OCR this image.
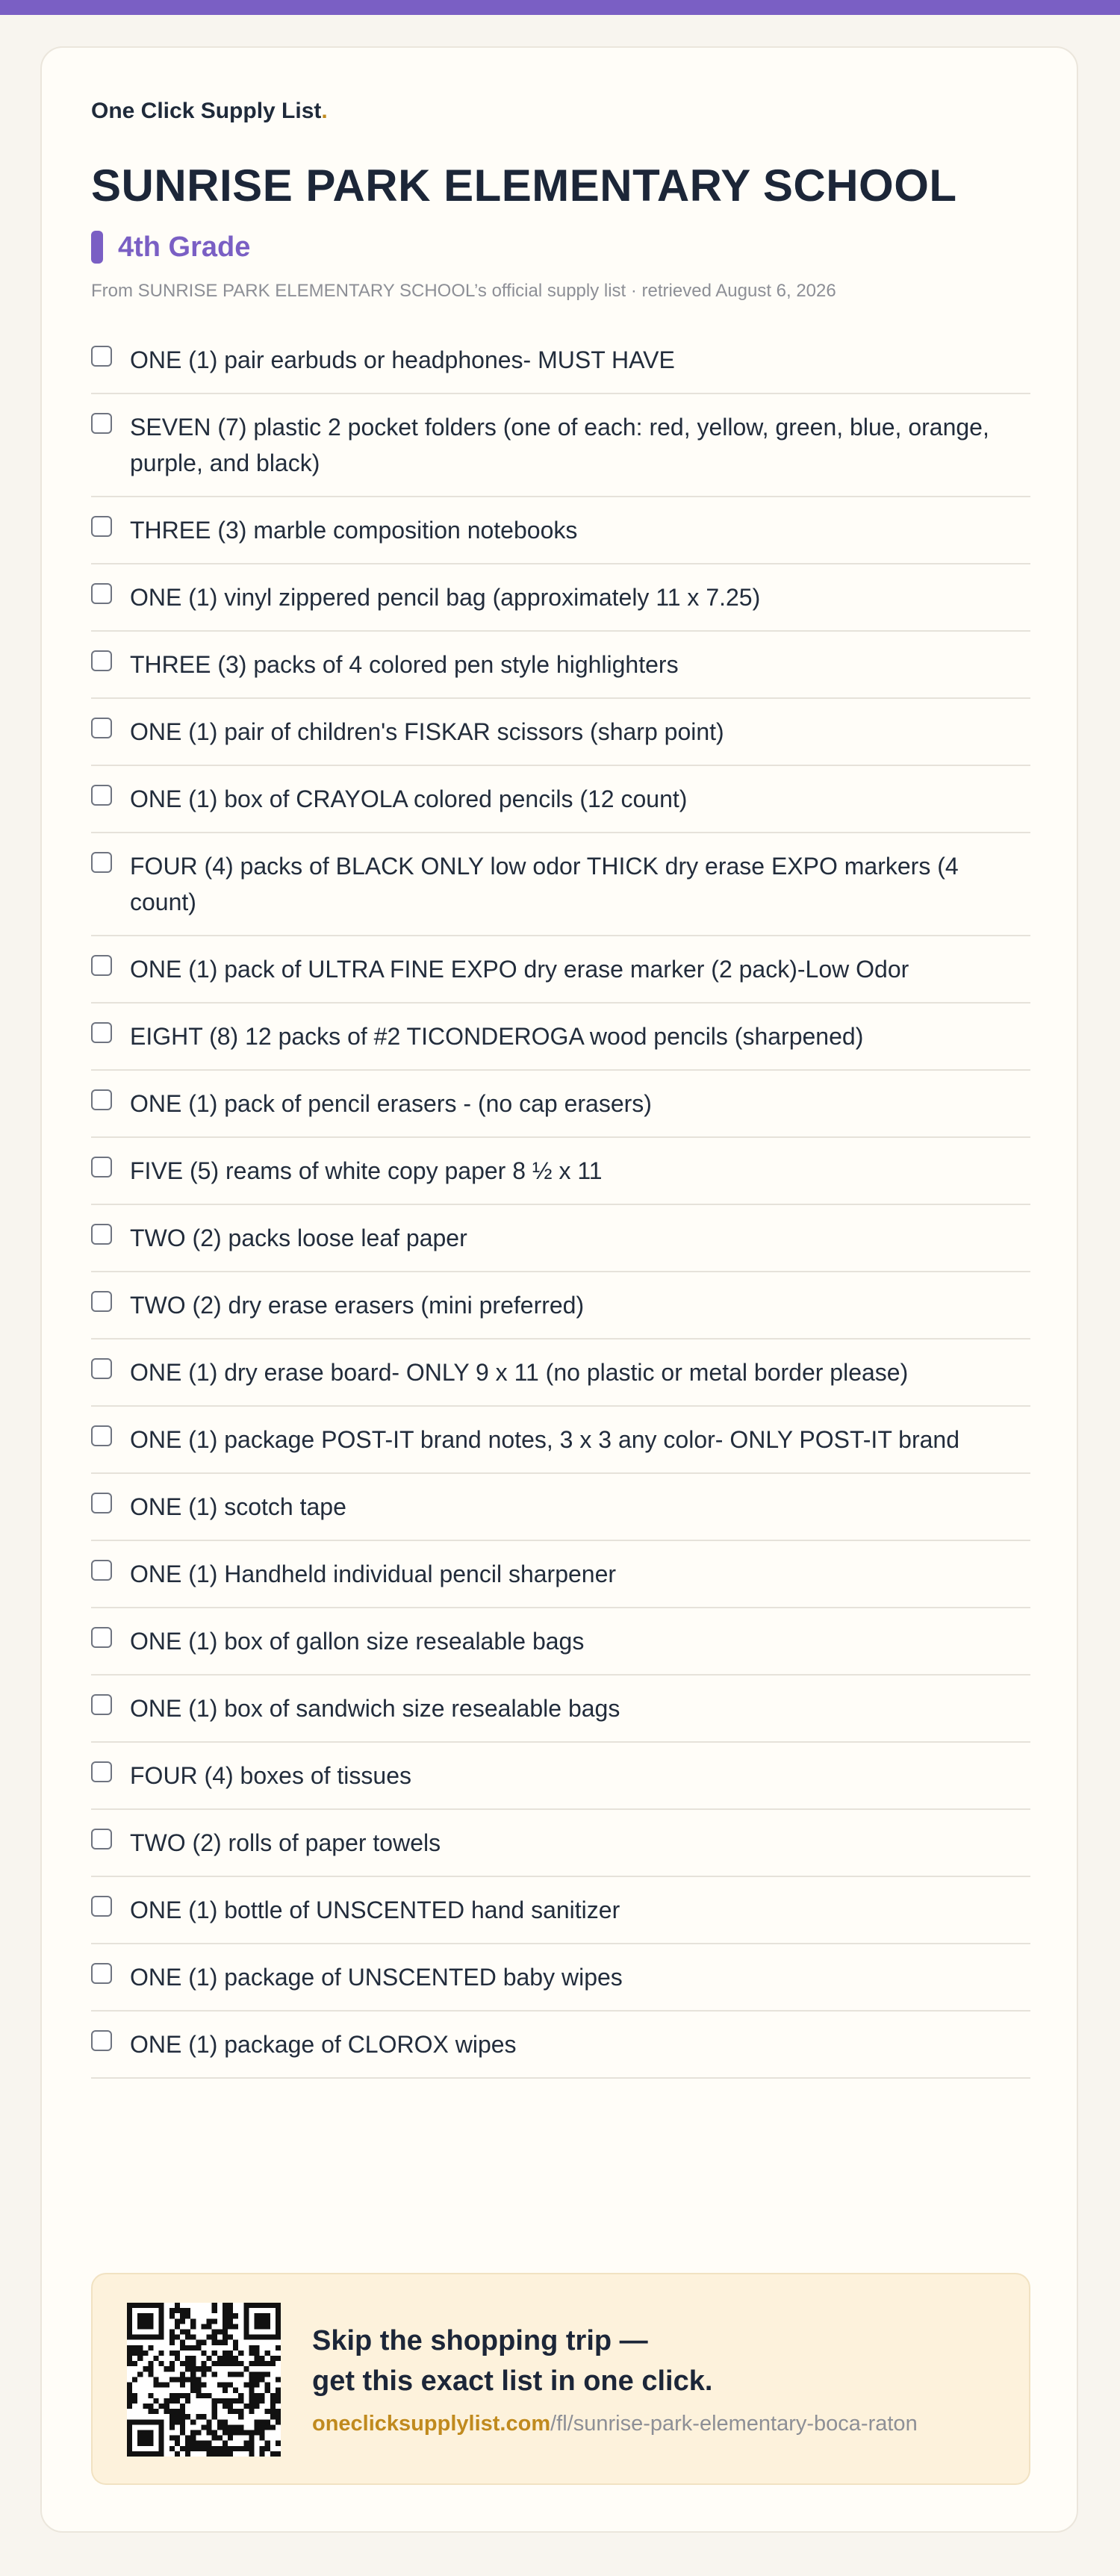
One Click Supply List.
SUNRISE PARK ELEMENTARY SCHOOL
4th Grade
From SUNRISE PARK ELEMENTARY SCHOOL’s official supply list · retrieved August 6, 2026
ONE (1) pair earbuds or headphones- MUST HAVE
SEVEN (7) plastic 2 pocket folders (one of each: red, yellow, green, blue, orange, purple, and black)
THREE (3) marble composition notebooks
ONE (1) vinyl zippered pencil bag (approximately 11 x 7.25)
THREE (3) packs of 4 colored pen style highlighters
ONE (1) pair of children's FISKAR scissors (sharp point)
ONE (1) box of CRAYOLA colored pencils (12 count)
FOUR (4) packs of BLACK ONLY low odor THICK dry erase EXPO markers (4 count)
ONE (1) pack of ULTRA FINE EXPO dry erase marker (2 pack)-Low Odor
EIGHT (8) 12 packs of #2 TICONDEROGA wood pencils (sharpened)
ONE (1) pack of pencil erasers - (no cap erasers)
FIVE (5) reams of white copy paper 8 ½ x 11
TWO (2) packs loose leaf paper
TWO (2) dry erase erasers (mini preferred)
ONE (1) dry erase board- ONLY 9 x 11 (no plastic or metal border please)
ONE (1) package POST-IT brand notes, 3 x 3 any color- ONLY POST-IT brand
ONE (1) scotch tape
ONE (1) Handheld individual pencil sharpener
ONE (1) box of gallon size resealable bags
ONE (1) box of sandwich size resealable bags
FOUR (4) boxes of tissues
TWO (2) rolls of paper towels
ONE (1) bottle of UNSCENTED hand sanitizer
ONE (1) package of UNSCENTED baby wipes
ONE (1) package of CLOROX wipes
Skip the shopping trip —
get this exact list in one click.
oneclicksupplylist.com/fl/sunrise-park-elementary-boca-raton
